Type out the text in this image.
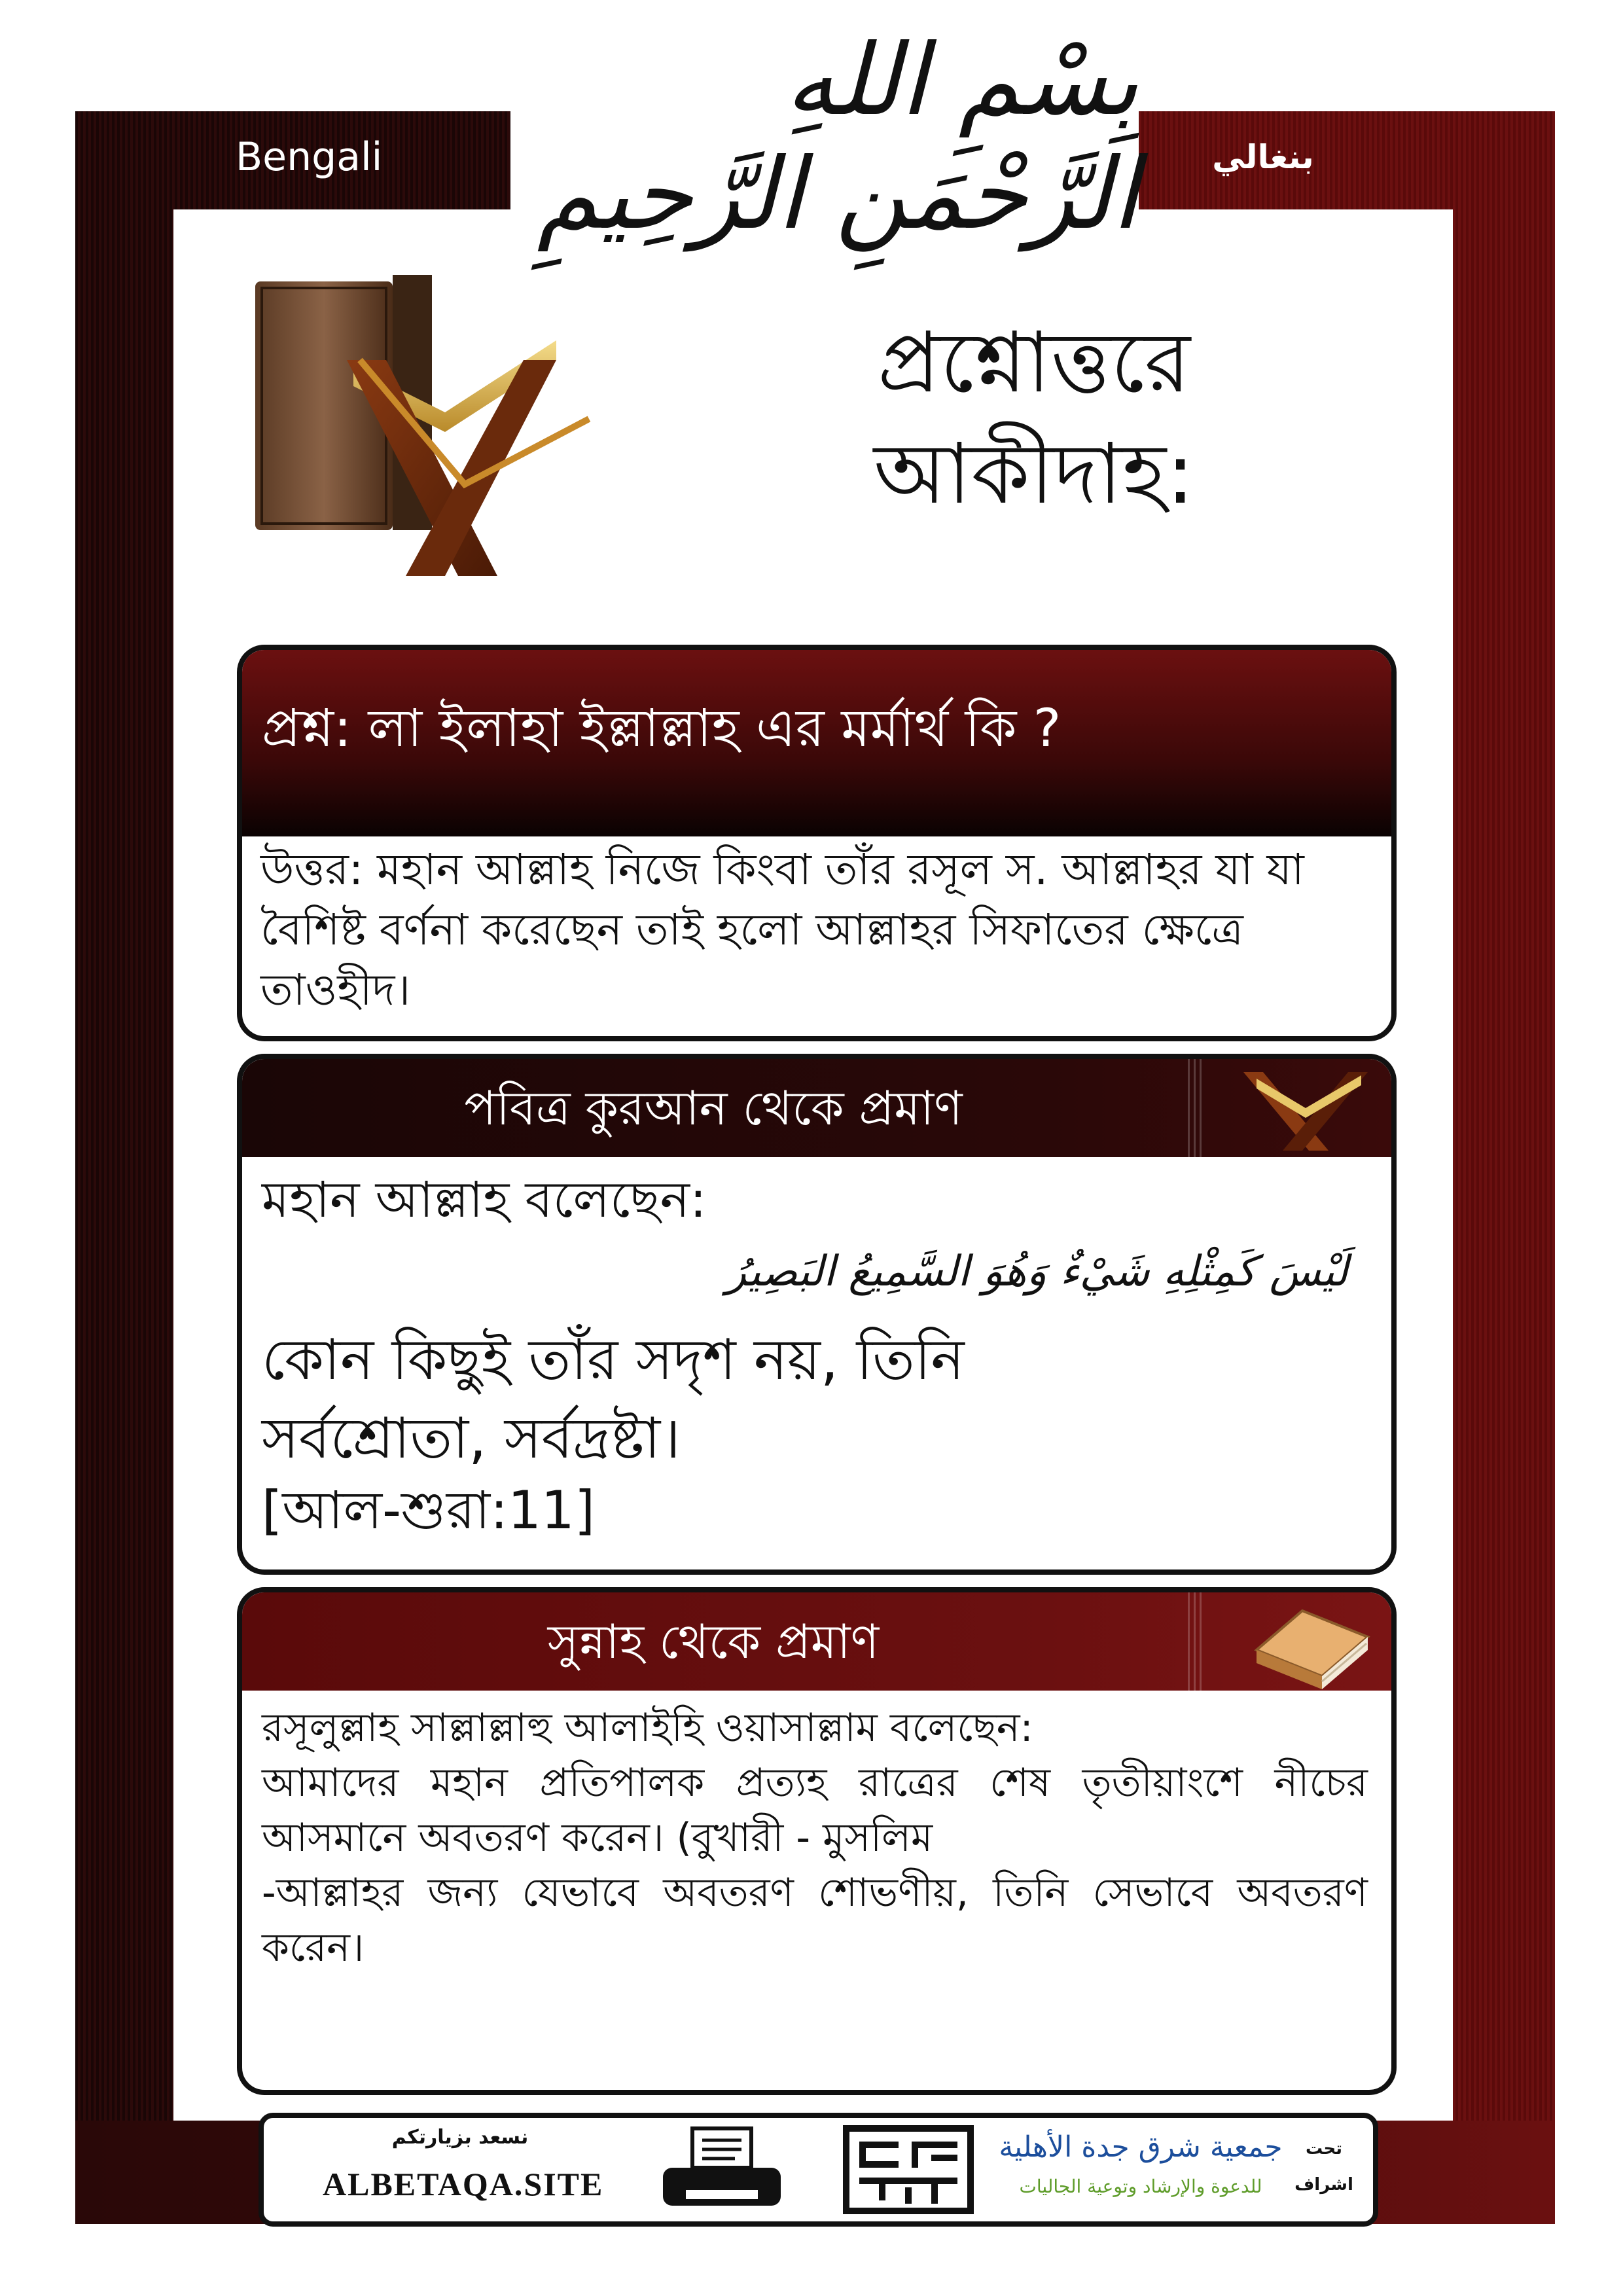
Bengali	بنغالي
بِسْمِ اللهِ الرَّحْمَنِ الرَّحِيمِ
প্রশ্নোত্তরে
আকীদাহ:
প্রশ্ন: লা ইলাহা ইল্লাল্লাহ এর মর্মার্থ কি ?
উত্তর: মহান আল্লাহ নিজে কিংবা তাঁর রসূল স. আল্লাহর যা যা বৈশিষ্ট বর্ণনা করেছেন তাই হলো আল্লাহর সিফাতের ক্ষেত্রে তাওহীদ।
পবিত্র কুরআন থেকে প্রমাণ
মহান আল্লাহ বলেছেন:
لَيْسَ كَمِثْلِهِ شَيْءٌ وَهُوَ السَّمِيعُ البَصِيرُ
কোন কিছুই তাঁর সদৃশ নয়, তিনি
সর্বশ্রোতা, সর্বদ্রষ্টা।
[আল-শুরা:11]
সুন্নাহ থেকে প্রমাণ

রসূলুল্লাহ সাল্লাল্লাহু আলাইহি ওয়াসাল্লাম বলেছেন:

আমাদের মহান প্রতিপালক প্রত্যহ রাত্রের শেষ তৃতীয়াংশে নীচের আসমানে অবতরণ করেন। (বুখারী - মুসলিম

-আল্লাহর জন্য যেভাবে অবতরণ শোভণীয়, তিনি সেভাবে অবতরণ করেন।

نسعد بزيارتكم
ALBETAQA.SITE
جمعية شرق جدة الأهلية
للدعوة والإرشاد وتوعية الجاليات
تحت
اشراف
